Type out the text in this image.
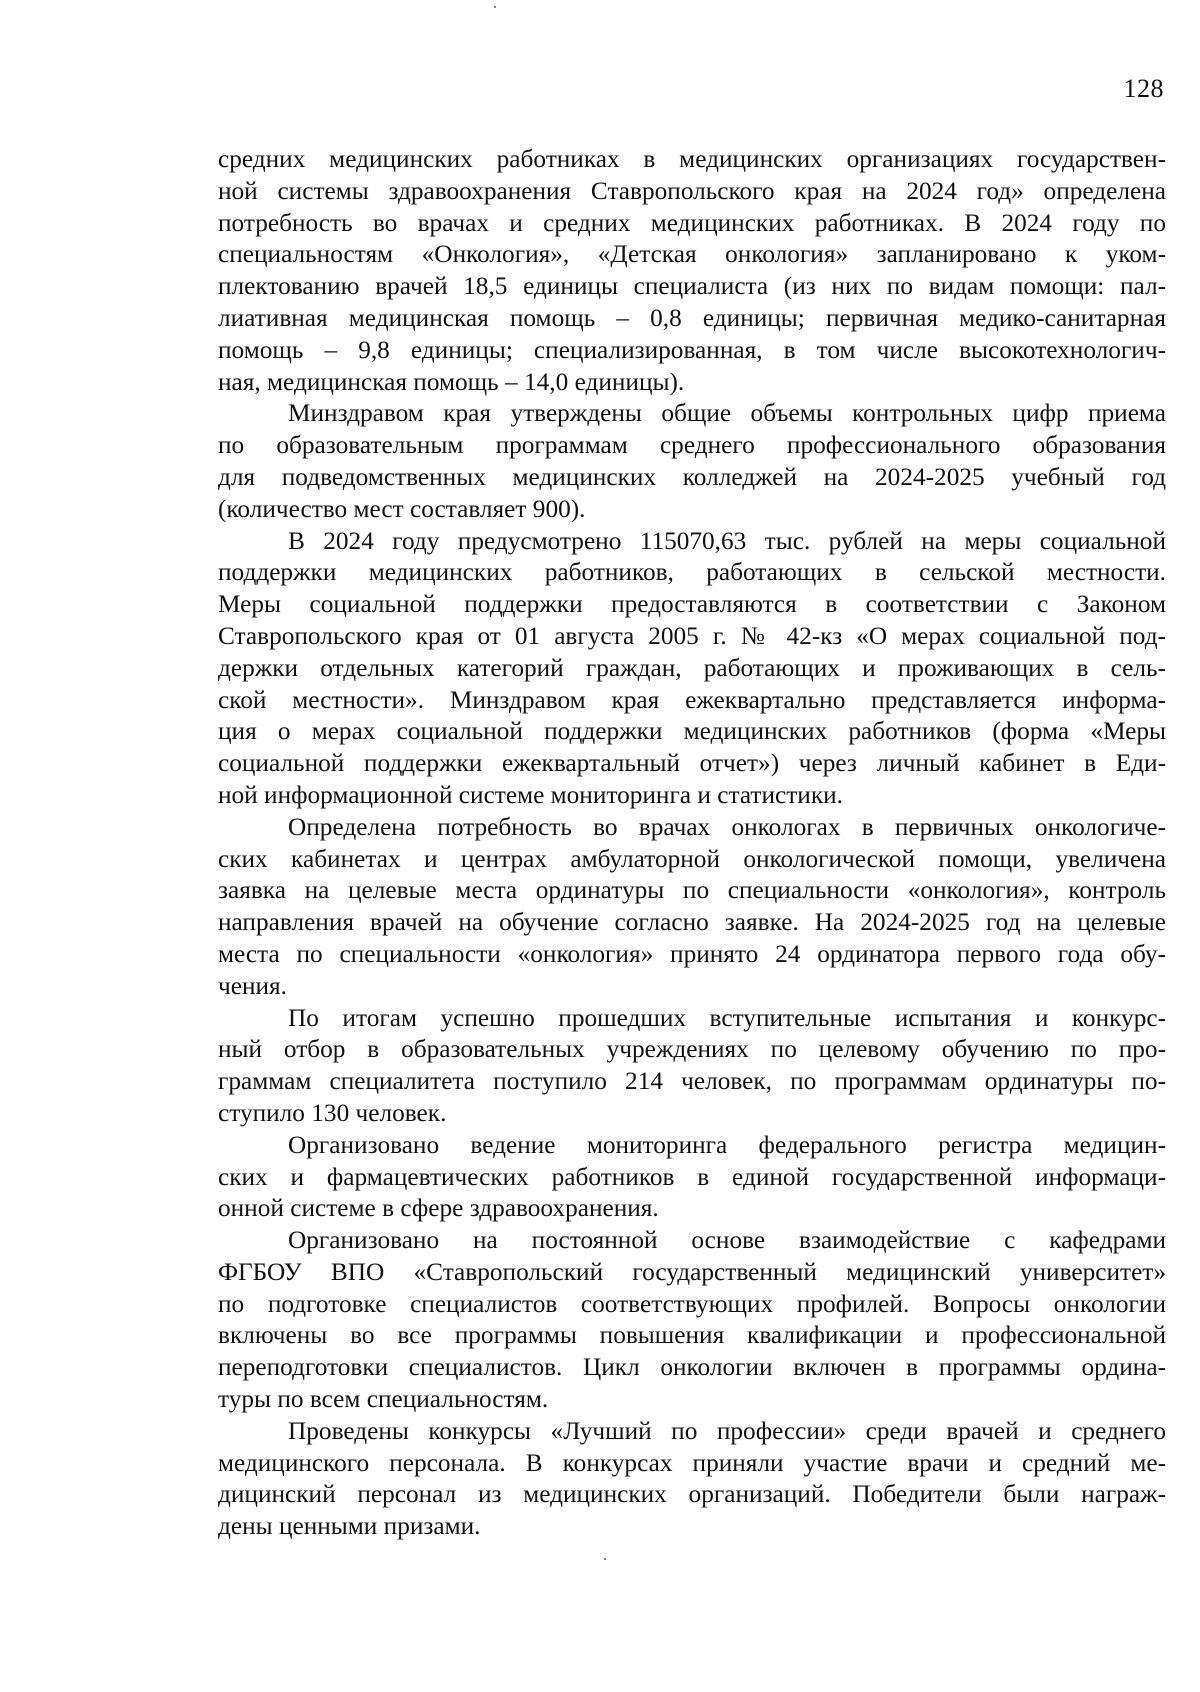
128
средних медицинских работниках в медицинских организациях государствен-
ной системы здравоохранения Ставропольского края на 2024 год» определена
потребность во врачах и средних медицинских работниках. В 2024 году по
специальностям «Онкология», «Детская онкология» запланировано к уком-
плектованию врачей 18,5 единицы специалиста (из них по видам помощи: пал-
лиативная медицинская помощь – 0,8 единицы; первичная медико-санитарная
помощь – 9,8 единицы; специализированная, в том числе высокотехнологич-
ная, медицинская помощь – 14,0 единицы).
Минздравом края утверждены общие объемы контрольных цифр приема
по образовательным программам среднего профессионального образования
для подведомственных медицинских колледжей на 2024-2025 учебный год
(количество мест составляет 900).
В 2024 году предусмотрено 115070,63 тыс. рублей на меры социальной
поддержки медицинских работников, работающих в сельской местности.
Меры социальной поддержки предоставляются в соответствии с Законом
Ставропольского края от 01 августа 2005 г. № 42-кз «О мерах социальной под-
держки отдельных категорий граждан, работающих и проживающих в сель-
ской местности». Минздравом края ежеквартально представляется информа-
ция о мерах социальной поддержки медицинских работников (форма «Меры
социальной поддержки ежеквартальный отчет») через личный кабинет в Еди-
ной информационной системе мониторинга и статистики.
Определена потребность во врачах онкологах в первичных онкологиче-
ских кабинетах и центрах амбулаторной онкологической помощи, увеличена
заявка на целевые места ординатуры по специальности «онкология», контроль
направления врачей на обучение согласно заявке. На 2024-2025 год на целевые
места по специальности «онкология» принято 24 ординатора первого года обу-
чения.
По итогам успешно прошедших вступительные испытания и конкурс-
ный отбор в образовательных учреждениях по целевому обучению по про-
граммам специалитета поступило 214 человек, по программам ординатуры по-
ступило 130 человек.
Организовано ведение мониторинга федерального регистра медицин-
ских и фармацевтических работников в единой государственной информаци-
онной системе в сфере здравоохранения.
Организовано на постоянной основе взаимодействие с кафедрами
ФГБОУ ВПО «Ставропольский государственный медицинский университет»
по подготовке специалистов соответствующих профилей. Вопросы онкологии
включены во все программы повышения квалификации и профессиональной
переподготовки специалистов. Цикл онкологии включен в программы ордина-
туры по всем специальностям.
Проведены конкурсы «Лучший по профессии» среди врачей и среднего
медицинского персонала. В конкурсах приняли участие врачи и средний ме-
дицинский персонал из медицинских организаций. Победители были награж-
дены ценными призами.
